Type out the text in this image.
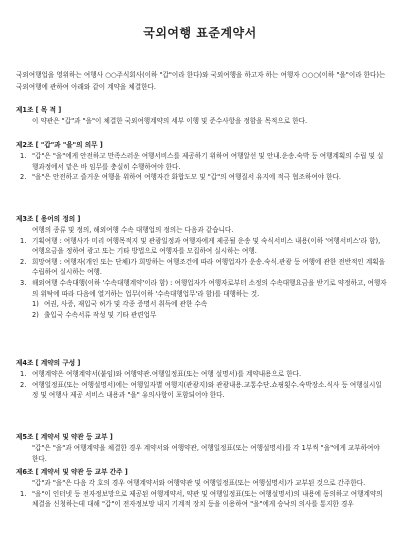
국외여행 표준계약서

국외여행업을 영위하는 여행사 ○○주식회사(이하 "갑"이라 한다)와 국외여행을 하고자 하는 여행자 ○○○(이하 "을"이라 한다)는 국외여행에 관하여 아래와 같이 계약을 체결한다.

제1조 [ 목 적 ]

이 약관은 "갑"과 "을"이 체결한 국외여행계약의 세부 이행 및 준수사항을 정함을 목적으로 한다.

제2조 [ "갑"과 "을"의 의무 ]

1. "갑"은 "을"에게 안전하고 만족스러운 여행서비스를 제공하기 위하여 여행알선 및 안내.운송.숙박 등 여행계획의 수립 및 실행과정에서 맡은 바 임무를 충실히 수행하여야 한다.
2. "을"은 안전하고 즐거운 여행을 위하여 여행자간 화합도모 및 "갑"의 여행질서 유지에 적극 협조하여야 한다.

제3조 [ 용어의 정의 ]

여행의 종류 및 정의, 해외여행 수속 대행업의 정의는 다음과 같습니다.

1. 기획여행 : 여행사가 미리 여행목적지 및 관광일정과 여행자에게 제공될 운송 및 숙식서비스 내용(이하 '여행서비스'라 함), 여행요금을 정하여 광고 또는 기타 방법으로 여행자를 모집하여 실시하는 여행.
2. 희망여행 : 여행자(개인 또는 단체)가 희망하는 여행조건에 따라 여행업자가 운송.숙식.관광 등 여행에 관한 전반적인 계획을 수립하여 실시하는 여행.
3. 해외여행 수속대행(이하 '수속대행계약'이라 함) : 여행업자가 여행자로부터 소정의 수속대행요금을 받기로 약정하고, 여행자의 위탁에 따라 다음에 열거하는 업무(이하 '수속대행업무'라 함)를 대행하는 것.
1) 여권, 사증, 재입국 허가 및 각종 증명서 취득에 관한 수속
2) 출입국 수속서류 작성 및 기타 관련업무

제4조 [ 계약의 구성 ]

1. 여행계약은 여행계약서(붙임)와 여행약관.여행일정표(또는 여행 설명서)를 계약내용으로 한다.
2. 여행일정표(또는 여행설명서)에는 여행일자별 여행지(관광지)와 관광내용.교통수단.쇼핑횟수.숙박장소.식사 등 여행실시일정 및 여행사 제공 서비스 내용과 "을" 유의사항이 포함되어야 한다.

제5조 [ 계약서 및 약관 등 교부 ]

"갑"은 "을"과 여행계약을 체결한 경우 계약서와 여행약관, 여행일정표(또는 여행설명서)를 각 1부씩 "을"에게 교부하여야 한다.

제6조 [ 계약서 및 약관 등 교부 간주 ]

"갑"과 "을"은 다음 각 호의 경우 여행계약서와 여행약관 및 여행일정표(또는 여행설명서)가 교부된 것으로 간주한다.

1. "을"이 인터넷 등 전자정보망으로 제공된 여행계약서, 약관 및 여행일정표(또는 여행설명서)의 내용에 동의하고 여행계약의 체결을 신청하는데 대해 "갑"이 전자정보망 내지 기계적 장치 등을 이용하여 "을"에게 승낙의 의사를 통지한 경우
